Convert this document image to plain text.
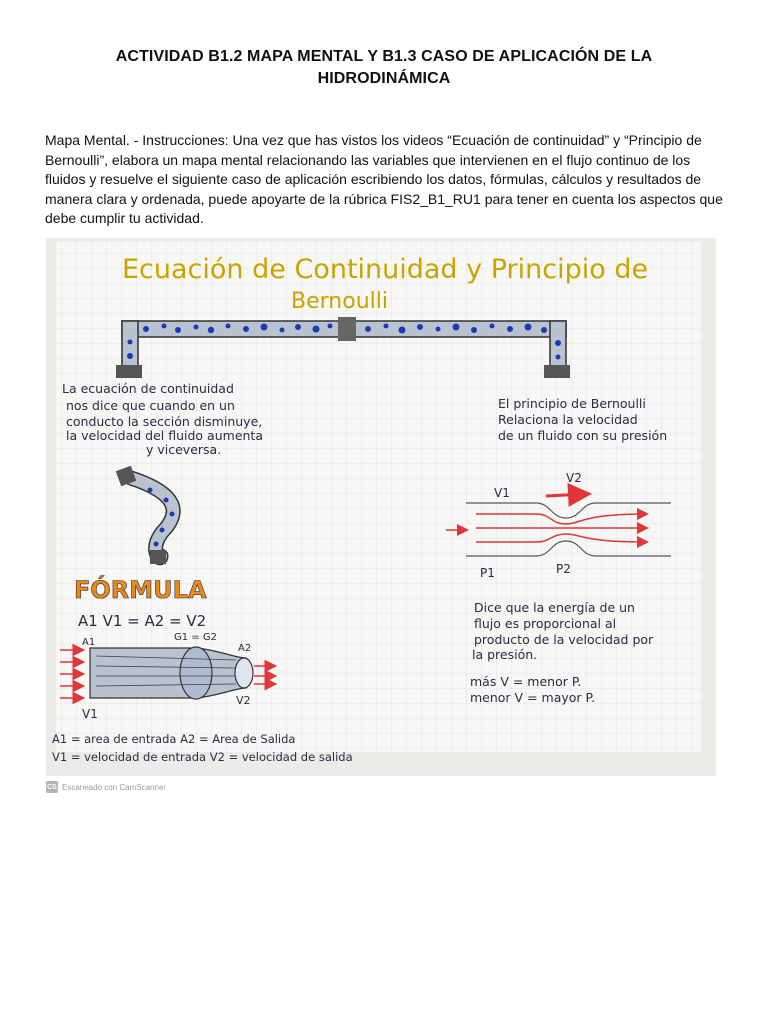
ACTIVIDAD B1.2 MAPA MENTAL Y B1.3 CASO DE APLICACIÓN DE LA
HIDRODINÁMICA
Mapa Mental. - Instrucciones: Una vez que has vistos los videos “Ecuación de continuidad” y “Principio de Bernoulli”, elabora un mapa mental relacionando las variables que intervienen en el flujo continuo de los fluidos y resuelve el siguiente caso de aplicación escribiendo los datos, fórmulas, cálculos y resultados de manera clara y ordenada, puede apoyarte de la rúbrica FIS2_B1_RU1 para tener en cuenta los aspectos que debe cumplir tu actividad.
Ecuación de Continuidad y Principio de
Bernoulli
La ecuación de continuidad
nos dice que cuando en un
conducto la sección disminuye,
la velocidad del fluido aumenta
y viceversa.
El principio de Bernoulli
Relaciona la velocidad
de un fluido con su presión
V1
V2
P1	P2
FÓRMULA
A1 V1 = A2 = V2
A1	G1 = G2
A2
V1
V2
Dice que la energía de un
flujo es proporcional al
producto de la velocidad por
la presión.
más V = menor P.
menor V = mayor P.
A1 = area de entrada A2 = Area de Salida
V1 = velocidad de entrada V2 = velocidad de salida
CS Escaneado con CamScanner
